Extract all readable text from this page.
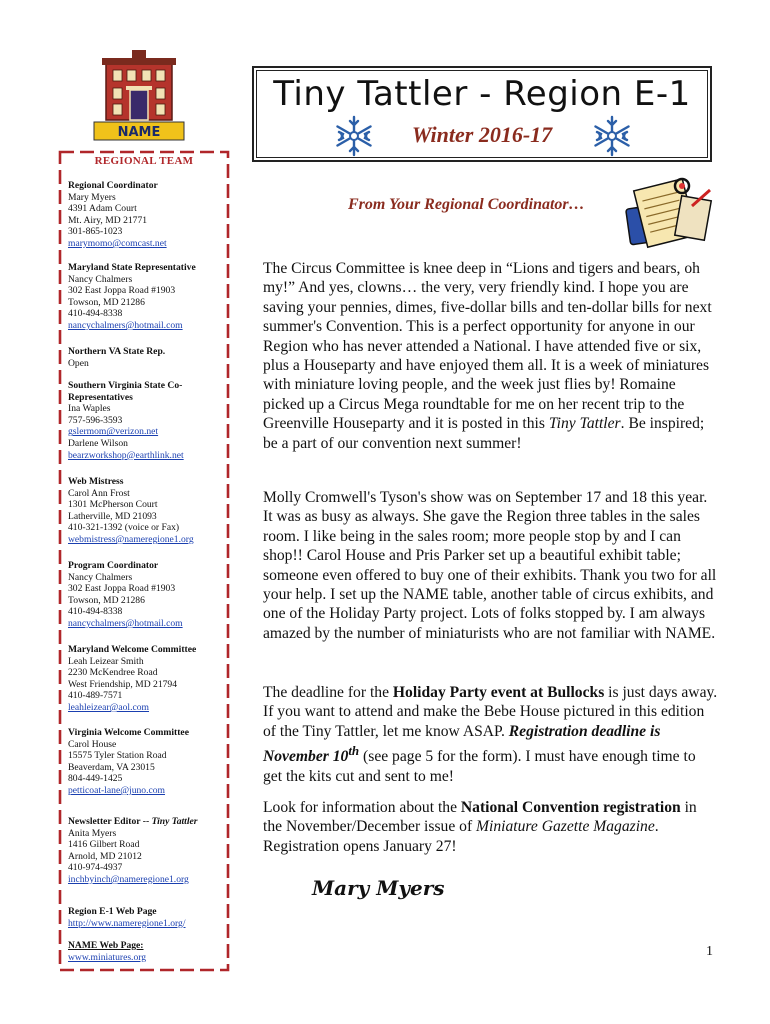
NAME
Tiny Tattler - Region E-1
Winter 2016-17
REGIONAL TEAM
Regional Coordinator
Mary Myers
4391 Adam Court
Mt. Airy, MD 21771
301-865-1023
marymomo@comcast.net
Maryland State Representative
Nancy Chalmers
302 East Joppa Road #1903
Towson, MD 21286
410-494-8338
nancychalmers@hotmail.com
Northern VA State Rep.
Open
Southern Virginia State Co-Representatives
Ina Waples
757-596-3593
gslermom@verizon.net
Darlene Wilson
bearzworkshop@earthlink.net
Web Mistress
Carol Ann Frost
1301 McPherson Court
Latherville, MD 21093
410-321-1392 (voice or Fax)
webmistress@nameregione1.org
Program Coordinator
Nancy Chalmers
302 East Joppa Road #1903
Towson, MD 21286
410-494-8338
nancychalmers@hotmail.com
Maryland Welcome Committee
Leah Leizear Smith
2230 McKendree Road
West Friendship, MD 21794
410-489-7571
leahleizear@aol.com
Virginia Welcome Committee
Carol House
15575 Tyler Station Road
Beaverdam, VA 23015
804-449-1425
petticoat-lane@juno.com
Newsletter Editor -- Tiny Tattler
Anita Myers
1416 Gilbert Road
Arnold, MD 21012
410-974-4937
inchbyinch@nameregione1.org
Region E-1 Web Page
http://www.nameregione1.org/
NAME Web Page:
www.miniatures.org
From Your Regional Coordinator…

The Circus Committee is knee deep in “Lions and tigers and bears, oh my!” And yes, clowns… the very, very friendly kind. I hope you are saving your pennies, dimes, five-dollar bills and ten-dollar bills for next summer's Convention. This is a perfect opportunity for anyone in our Region who has never attended a National. I have attended five or six, plus a Houseparty and have enjoyed them all. It is a week of miniatures with miniature loving people, and the week just flies by! Romaine picked up a Circus Mega roundtable for me on her recent trip to the Greenville Houseparty and it is posted in this Tiny Tattler. Be inspired; be a part of our convention next summer!

Molly Cromwell's Tyson's show was on September 17 and 18 this year. It was as busy as always. She gave the Region three tables in the sales room. I like being in the sales room; more people stop by and I can shop!! Carol House and Pris Parker set up a beautiful exhibit table; someone even offered to buy one of their exhibits. Thank you two for all your help. I set up the NAME table, another table of circus exhibits, and one of the Holiday Party project. Lots of folks stopped by. I am always amazed by the number of miniaturists who are not familiar with NAME.

The deadline for the Holiday Party event at Bullocks is just days away. If you want to attend and make the Bebe House pictured in this edition of the Tiny Tattler, let me know ASAP. Registration deadline is November 10th (see page 5 for the form). I must have enough time to get the kits cut and sent to me!

Look for information about the National Convention registration in the November/December issue of Miniature Gazette Magazine. Registration opens January 27!

Mary Myers
1
